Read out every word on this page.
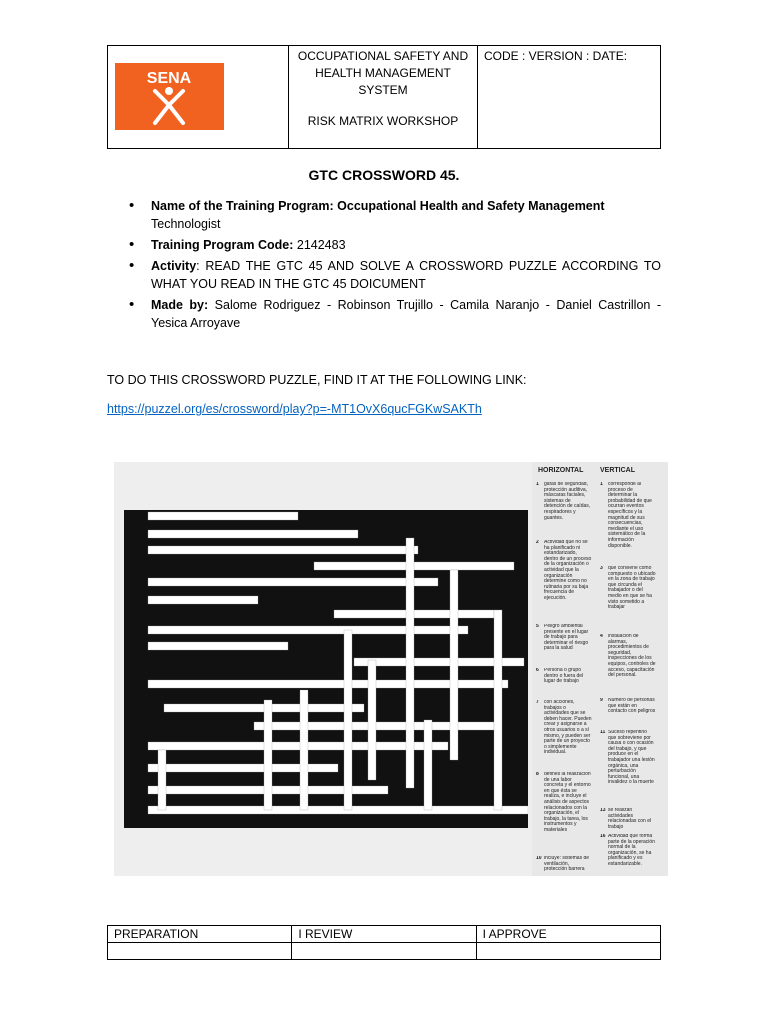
SENA

OCCUPATIONAL SAFETY AND
HEALTH MANAGEMENT
SYSTEM
RISK MATRIX WORKSHOP
	CODE : VERSION : DATE:
GTC CROSSWORD 45.
• Name of the Training Program: Occupational Health and Safety Management
Technologist
• Training Program Code: 2142483
• Activity: READ THE GTC 45 AND SOLVE A CROSSWORD PUZZLE ACCORDING TO WHAT YOU READ IN THE GTC 45 DOICUMENT
• Made by: Salome Rodriguez - Robinson Trujillo - Camila Naranjo - Daniel Castrillon - Yesica Arroyave
TO DO THIS CROSSWORD PUZZLE, FIND IT AT THE FOLLOWING LINK:
https://puzzel.org/es/crossword/play?p=-MT1OvX6qucFGKwSAKTh
HORIZONTAL VERTICAL
1 gafas de seguridad, protección auditiva, máscaras faciales, sistemas de detención de caídas, respiradores y guantes.
2 Actividad que no se ha planificado ni estandarizado, dentro de un proceso de la organización o actividad que la organización determine como no rutinaria por su baja frecuencia de ejecución.
5 Peligro ambiental presente en el lugar de trabajo para determinar el riesgo para la salud
6 Persona o grupo dentro o fuera del lugar de trabajo
7 con acciones, trabajos o actividades que se deben hacer. Pueden crear y asignarse a otros usuarios o a sí mismo, y pueden ser parte de un proyecto o simplemente individual.
8 defines la realización de una labor concreta y el entorno en que ésta se realiza, e incluye el análisis de aspectos relacionados con la organización, el trabajo, la tarea, los instrumentos y materiales
10 incluye: sistemas de ventilación, protección barrera
1 corresponde al proceso de determinar la probabilidad de que ocurran eventos específicos y la magnitud de sus consecuencias, mediante el uso sistemático de la información disponible.
3 que conviene como compuesto o ubicado en la zona de trabajo que circunda el trabajador o del medio en que se ha visto sometido a trabajar
4 instalación de alarmas, procedimientos de seguridad, inspecciones de los equipos, controles de acceso, capacitación del personal.
9 Número de personas que están en contacto con peligros
11 Suceso repentino que sobreviene por causa o con ocasión del trabajo, y que produce en el trabajador una lesión orgánica, una perturbación funcional, una invalidez o la muerte
13 se realizan actividades relacionadas con el trabajo
16 Actividad que forma parte de la operación normal de la organización, se ha planificado y es estandarizable.
PREPARATION	I REVIEW	I APPROVE
